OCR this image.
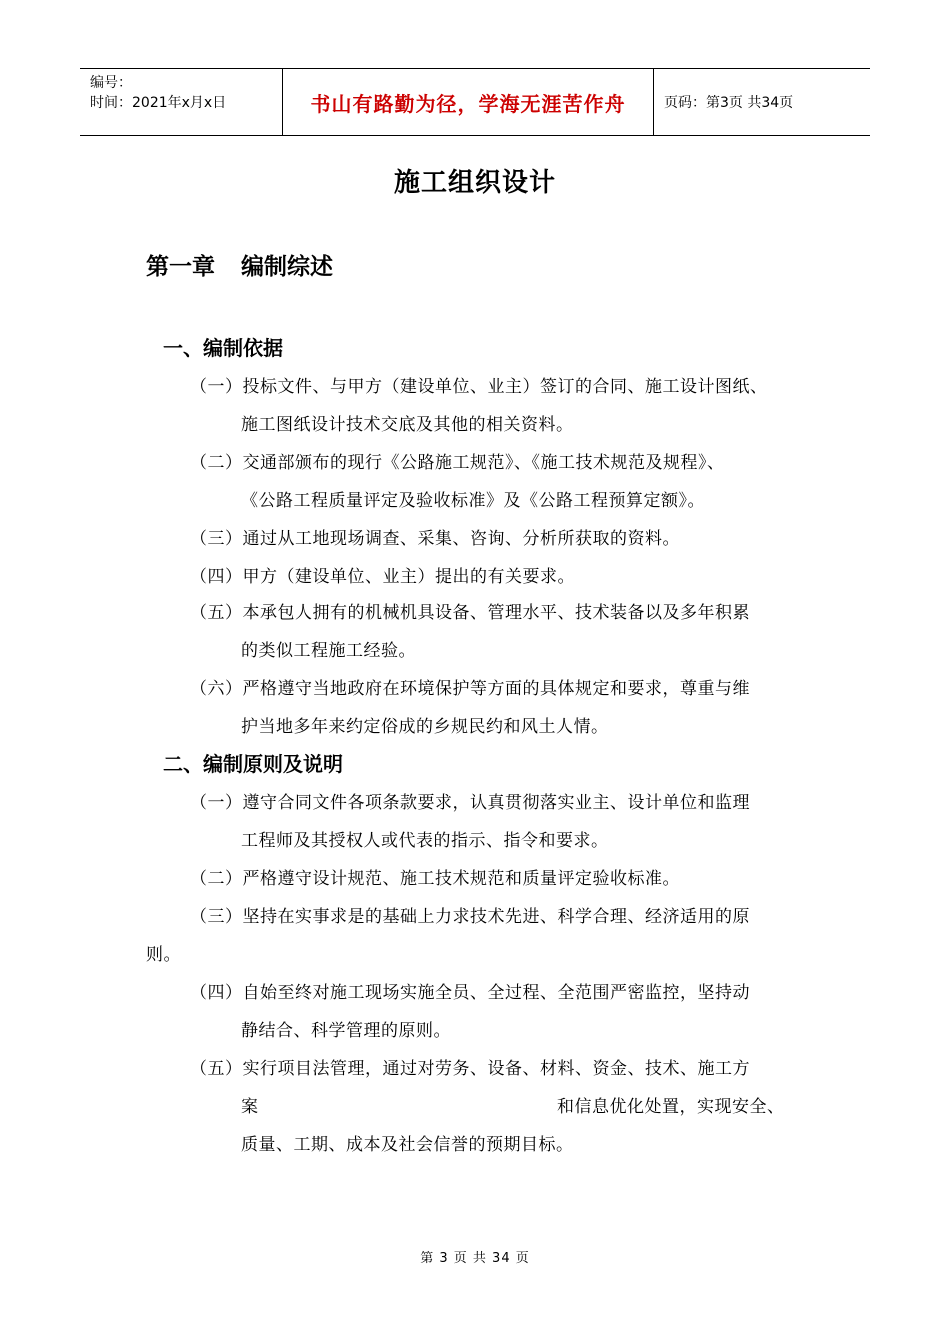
编号：
时间：2021年x月x日	书山有路勤为径，学海无涯苦作舟	页码：第3页 共34页
施工组织设计
第一章 编制综述
一、编制依据
（一）投标文件、与甲方（建设单位、业主）签订的合同、施工设计图纸、
施工图纸设计技术交底及其他的相关资料。
（二）交通部颁布的现行《公路施工规范》、《施工技术规范及规程》、
《公路工程质量评定及验收标准》及《公路工程预算定额》。
（三）通过从工地现场调查、采集、咨询、分析所获取的资料。
（四）甲方（建设单位、业主）提出的有关要求。
（五）本承包人拥有的机械机具设备、管理水平、技术装备以及多年积累
的类似工程施工经验。
（六）严格遵守当地政府在环境保护等方面的具体规定和要求，尊重与维
护当地多年来约定俗成的乡规民约和风土人情。
二、编制原则及说明
（一）遵守合同文件各项条款要求，认真贯彻落实业主、设计单位和监理
工程师及其授权人或代表的指示、指令和要求。
（二）严格遵守设计规范、施工技术规范和质量评定验收标准。
（三）坚持在实事求是的基础上力求技术先进、科学合理、经济适用的原
则。
（四）自始至终对施工现场实施全员、全过程、全范围严密监控，坚持动
静结合、科学管理的原则。
（五）实行项目法管理，通过对劳务、设备、材料、资金、技术、施工方
案	和信息优化处置，实现安全、
质量、工期、成本及社会信誉的预期目标。
第 3 页 共 34 页
